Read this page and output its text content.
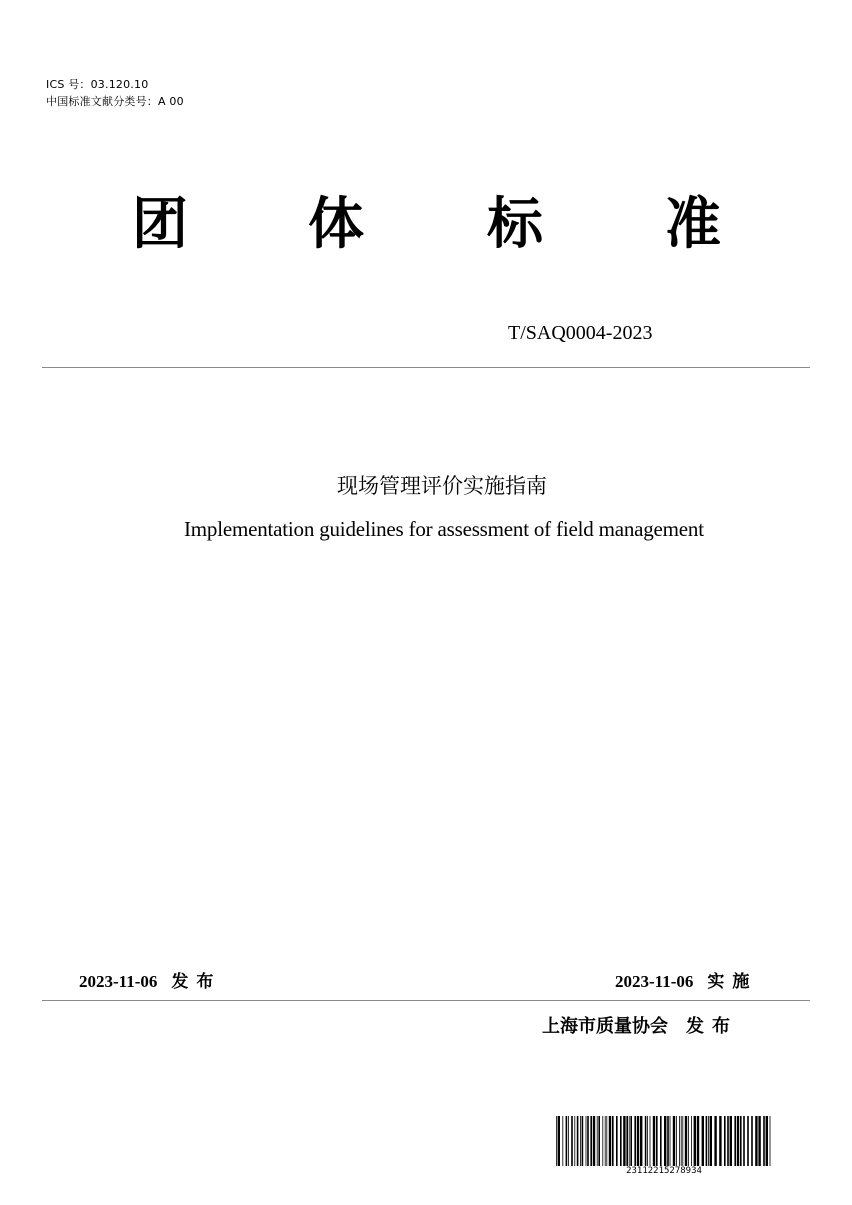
ICS 号：03.120.10
中国标准文献分类号：A 00
团 体 标 准
T/SAQ0004-2023
现场管理评价实施指南
Implementation guidelines for assessment of field management
2023-11-06 发布	2023-11-06 实施
上海市质量协会 发布
23112215278934
